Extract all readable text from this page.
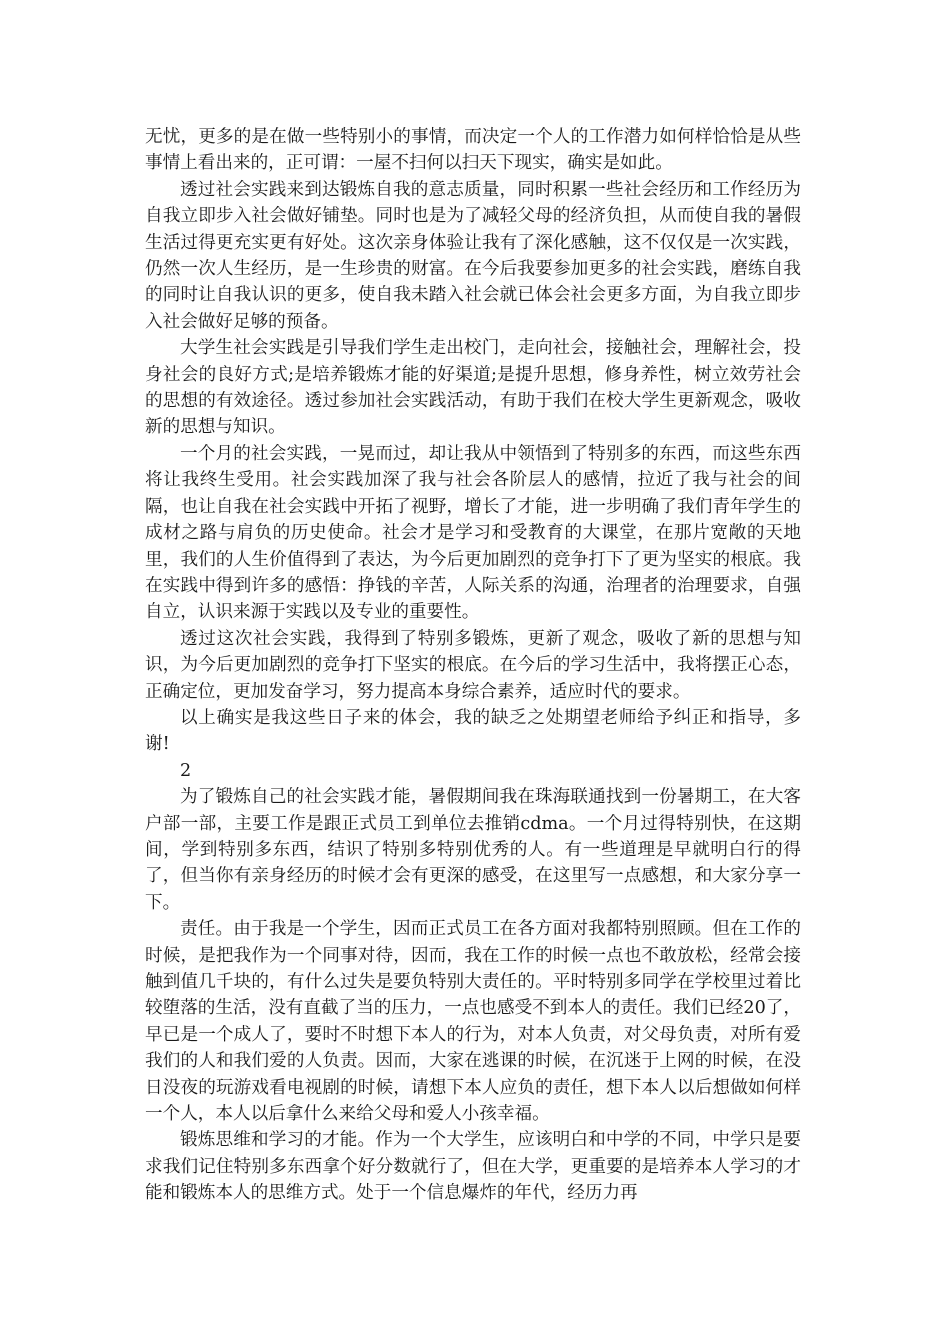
无忧，更多的是在做一些特别小的事情，而决定一个人的工作潜力如何样恰恰是从些事情上看出来的，正可谓：一屋不扫何以扫天下现实，确实是如此。

透过社会实践来到达锻炼自我的意志质量，同时积累一些社会经历和工作经历为自我立即步入社会做好铺垫。同时也是为了减轻父母的经济负担，从而使自我的暑假生活过得更充实更有好处。这次亲身体验让我有了深化感触，这不仅仅是一次实践，仍然一次人生经历，是一生珍贵的财富。在今后我要参加更多的社会实践，磨练自我的同时让自我认识的更多，使自我未踏入社会就已体会社会更多方面，为自我立即步入社会做好足够的预备。

大学生社会实践是引导我们学生走出校门，走向社会，接触社会，理解社会，投身社会的良好方式;是培养锻炼才能的好渠道;是提升思想，修身养性，树立效劳社会的思想的有效途径。透过参加社会实践活动，有助于我们在校大学生更新观念，吸收新的思想与知识。

一个月的社会实践，一晃而过，却让我从中领悟到了特别多的东西，而这些东西将让我终生受用。社会实践加深了我与社会各阶层人的感情，拉近了我与社会的间隔，也让自我在社会实践中开拓了视野，增长了才能，进一步明确了我们青年学生的成材之路与肩负的历史使命。社会才是学习和受教育的大课堂，在那片宽敞的天地里，我们的人生价值得到了表达，为今后更加剧烈的竞争打下了更为坚实的根底。我在实践中得到许多的感悟：挣钱的辛苦，人际关系的沟通，治理者的治理要求，自强自立，认识来源于实践以及专业的重要性。

透过这次社会实践，我得到了特别多锻炼，更新了观念，吸收了新的思想与知识，为今后更加剧烈的竞争打下坚实的根底。在今后的学习生活中，我将摆正心态，正确定位，更加发奋学习，努力提高本身综合素养，适应时代的要求。

以上确实是我这些日子来的体会，我的缺乏之处期望老师给予纠正和指导，多谢!

2

为了锻炼自己的社会实践才能，暑假期间我在珠海联通找到一份暑期工，在大客户部一部，主要工作是跟正式员工到单位去推销cdma。一个月过得特别快，在这期间，学到特别多东西，结识了特别多特别优秀的人。有一些道理是早就明白行的得了，但当你有亲身经历的时候才会有更深的感受，在这里写一点感想，和大家分享一下。

责任。由于我是一个学生，因而正式员工在各方面对我都特别照顾。但在工作的时候，是把我作为一个同事对待，因而，我在工作的时候一点也不敢放松，经常会接触到值几千块的，有什么过失是要负特别大责任的。平时特别多同学在学校里过着比较堕落的生活，没有直截了当的压力，一点也感受不到本人的责任。我们已经20了，早已是一个成人了，要时不时想下本人的行为，对本人负责，对父母负责，对所有爱我们的人和我们爱的人负责。因而，大家在逃课的时候，在沉迷于上网的时候，在没日没夜的玩游戏看电视剧的时候，请想下本人应负的责任，想下本人以后想做如何样一个人，本人以后拿什么来给父母和爱人小孩幸福。

锻炼思维和学习的才能。作为一个大学生，应该明白和中学的不同，中学只是要求我们记住特别多东西拿个好分数就行了，但在大学，更重要的是培养本人学习的才能和锻炼本人的思维方式。处于一个信息爆炸的年代，经历力再
